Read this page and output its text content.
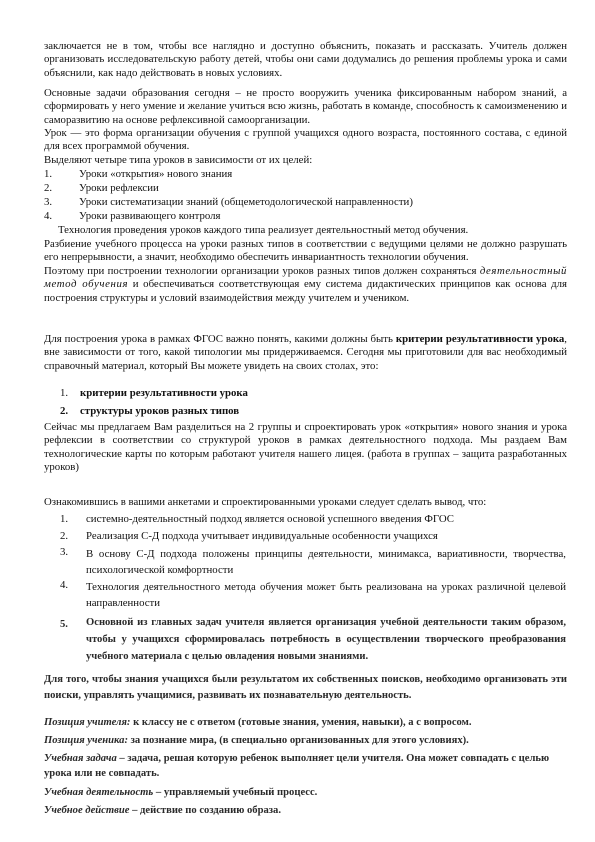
заключается не в том, чтобы все наглядно и доступно объяснить, показать и рассказать. Учитель должен организовать исследовательскую работу детей, чтобы они сами додумались до решения проблемы урока и сами объяснили, как надо действовать в новых условиях.

Основные задачи образования сегодня – не просто вооружить ученика фиксированным набором знаний, а сформировать у него умение и желание учиться всю жизнь, работать в команде, способность к самоизменению и саморазвитию на основе рефлексивной самоорганизации.

Урок — это форма организации обучения с группой учащихся одного возраста, постоянного состава, с единой для всех программой обучения.

Выделяют четыре типа уроков в зависимости от их целей:

1.	Уроки «открытия» нового знания
2.	Уроки рефлексии
3.	Уроки систематизации знаний (общеметодологической направленности)
4.	Уроки развивающего контроля

Технология проведения уроков каждого типа реализует деятельностный метод обучения.

Разбиение учебного процесса на уроки разных типов в соответствии с ведущими целями не должно разрушать его непрерывности, а значит, необходимо обеспечить инвариантность технологии обучения.

Поэтому при построении технологии организации уроков разных типов должен сохраняться деятельностный метод обучения и обеспечиваться соответствующая ему система дидактических принципов как основа для построения структуры и условий взаимодействия между учителем и учеником.

Для построения урока в рамках ФГОС важно понять, какими должны быть критерии результативности урока, вне зависимости от того, какой типологии мы придерживаемся. Сегодня мы приготовили для вас необходимый справочный материал, который Вы можете увидеть на своих столах, это:

1.	критерии результативности урока
2.	структуры уроков разных типов

Сейчас мы предлагаем Вам разделиться на 2 группы и спроектировать урок «открытия» нового знания и урока рефлексии в соответствии со структурой уроков в рамках деятельностного подхода. Мы раздаем Вам технологические карты по которым работают учителя нашего лицея. (работа в группах – защита разработанных уроков)

Ознакомившись в вашими анкетами и спроектированными уроками следует сделать вывод, что:

1.	системно-деятельностный подход является основой успешного введения ФГОС
2.	Реализация С-Д подхода учитывает индивидуальные особенности учащихся
3.	В основу С-Д подхода положены принципы деятельности, минимакса, вариативности, творчества, психологической комфортности
4.	Технология деятельностного метода обучения может быть реализована на уроках различной целевой направленности
5.	Основной из главных задач учителя является организация учебной деятельности таким образом, чтобы у учащихся сформировалась потребность в осуществлении творческого преобразования учебного материала с целью овладения новыми знаниями.

Для того, чтобы знания учащихся были результатом их собственных поисков, необходимо организовать эти поиски, управлять учащимися, развивать их познавательную деятельность.

Позиция учителя: к классу не с ответом (готовые знания, умения, навыки), а с вопросом.

Позиция ученика: за познание мира, (в специально организованных для этого условиях).

Учебная задача – задача, решая которую ребенок выполняет цели учителя. Она может совпадать с целью урока или не совпадать.

Учебная деятельность – управляемый учебный процесс.

Учебное действие – действие по созданию образа.
